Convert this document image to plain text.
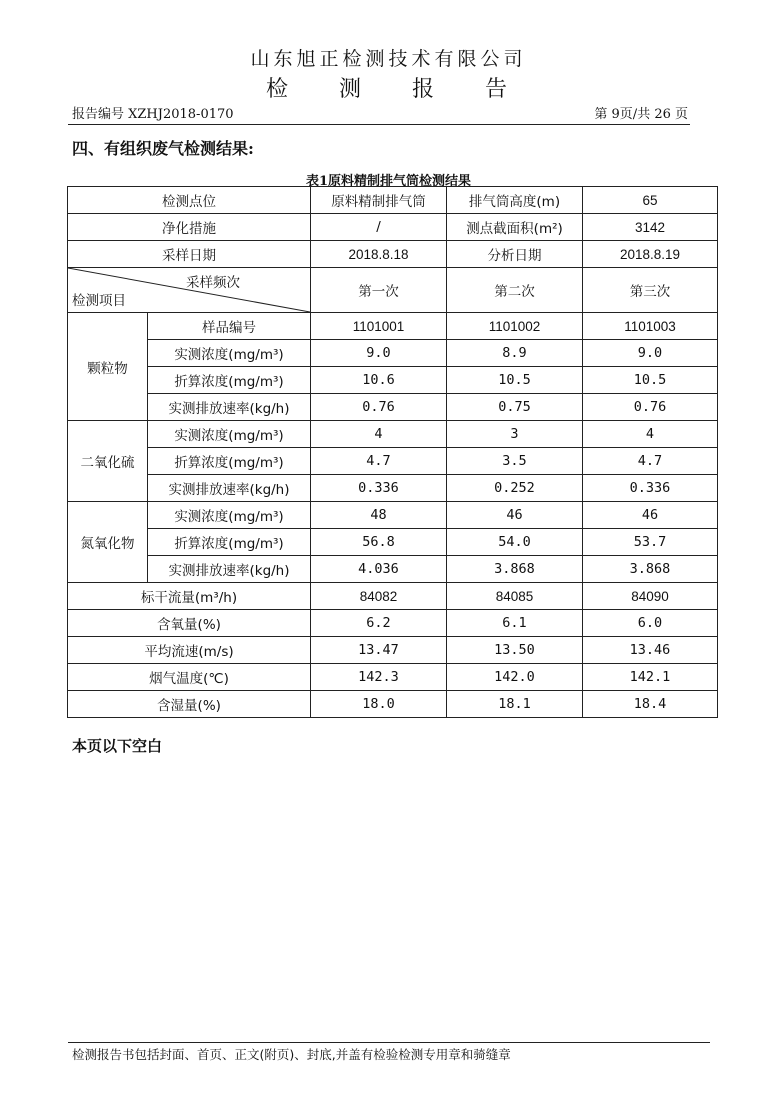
山东旭正检测技术有限公司
检 测 报 告
报告编号 XZHJ2018-0170	第 9页/共 26 页
四、有组织废气检测结果:
表1原料精制排气筒检测结果
检测点位		原料精制排气筒	排气筒高度(m)	65
净化措施		/	测点截面积(m²)	3142
采样日期		2018.8.18	分析日期	2018.8.19

采样频次
检测项目		第一次	第二次	第三次
颗粒物	样品编号	1101001	1101002	1101003
	实测浓度(mg/m³)	9.0	8.9	9.0
	折算浓度(mg/m³)	10.6	10.5	10.5
	实测排放速率(kg/h)	0.76	0.75	0.76
二氧化硫	实测浓度(mg/m³)	4	3	4
	折算浓度(mg/m³)	4.7	3.5	4.7
	实测排放速率(kg/h)	0.336	0.252	0.336
氮氧化物	实测浓度(mg/m³)	48	46	46
	折算浓度(mg/m³)	56.8	54.0	53.7
	实测排放速率(kg/h)	4.036	3.868	3.868
标干流量(m³/h)		84082	84085	84090
含氧量(%)		6.2	6.1	6.0
平均流速(m/s)		13.47	13.50	13.46
烟气温度(℃)		142.3	142.0	142.1
含湿量(%)		18.0	18.1	18.4
本页以下空白
检测报告书包括封面、首页、正文(附页)、封底,并盖有检验检测专用章和骑缝章
